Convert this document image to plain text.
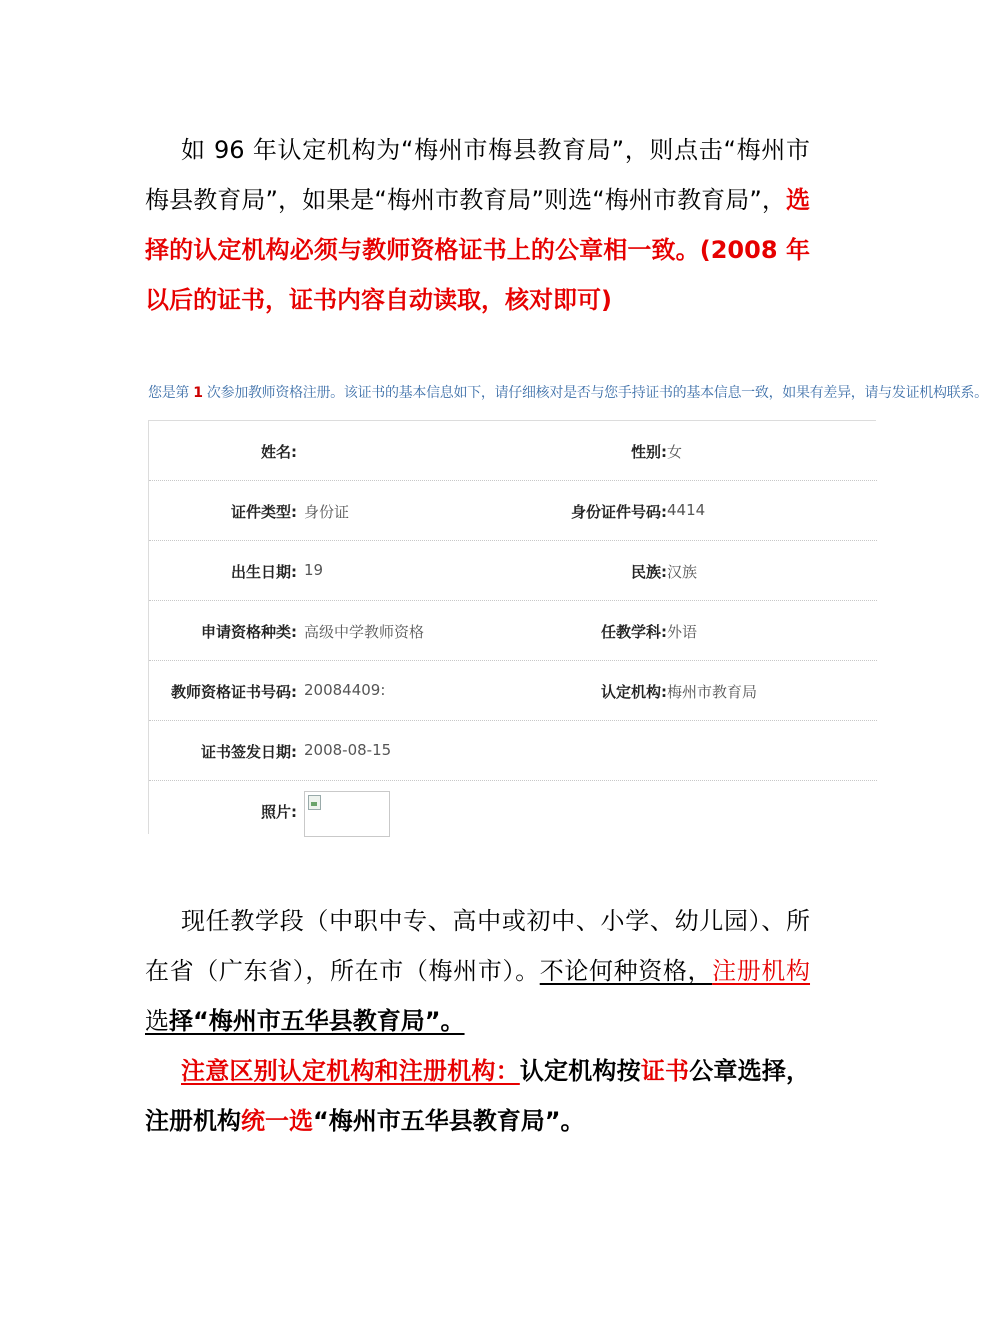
如 96 年认定机构为“梅州市梅县教育局”，则点击“梅州市梅县教育局”，如果是“梅州市教育局”则选“梅州市教育局”，选择的认定机构必须与教师资格证书上的公章相一致。(2008 年以后的证书，证书内容自动读取，核对即可)

您是第 1 次参加教师资格注册。该证书的基本信息如下，请仔细核对是否与您手持证书的基本信息一致，如果有差异，请与发证机构联系。
姓名:	性别: 女
证件类型: 身份证	身份证件号码: 4414
出生日期: 19	民族: 汉族
申请资格种类: 高级中学教师资格	任教学科: 外语
教师资格证书号码: 20084409:	认定机构: 梅州市教育局
证书签发日期: 2008-08-15
照片:

现任教学段（中职中专、高中或初中、小学、幼儿园）、所在省（广东省），所在市（梅州市）。不论何种资格，注册机构选择“梅州市五华县教育局”。

注意区别认定机构和注册机构：认定机构按证书公章选择，注册机构统一选“梅州市五华县教育局”。
